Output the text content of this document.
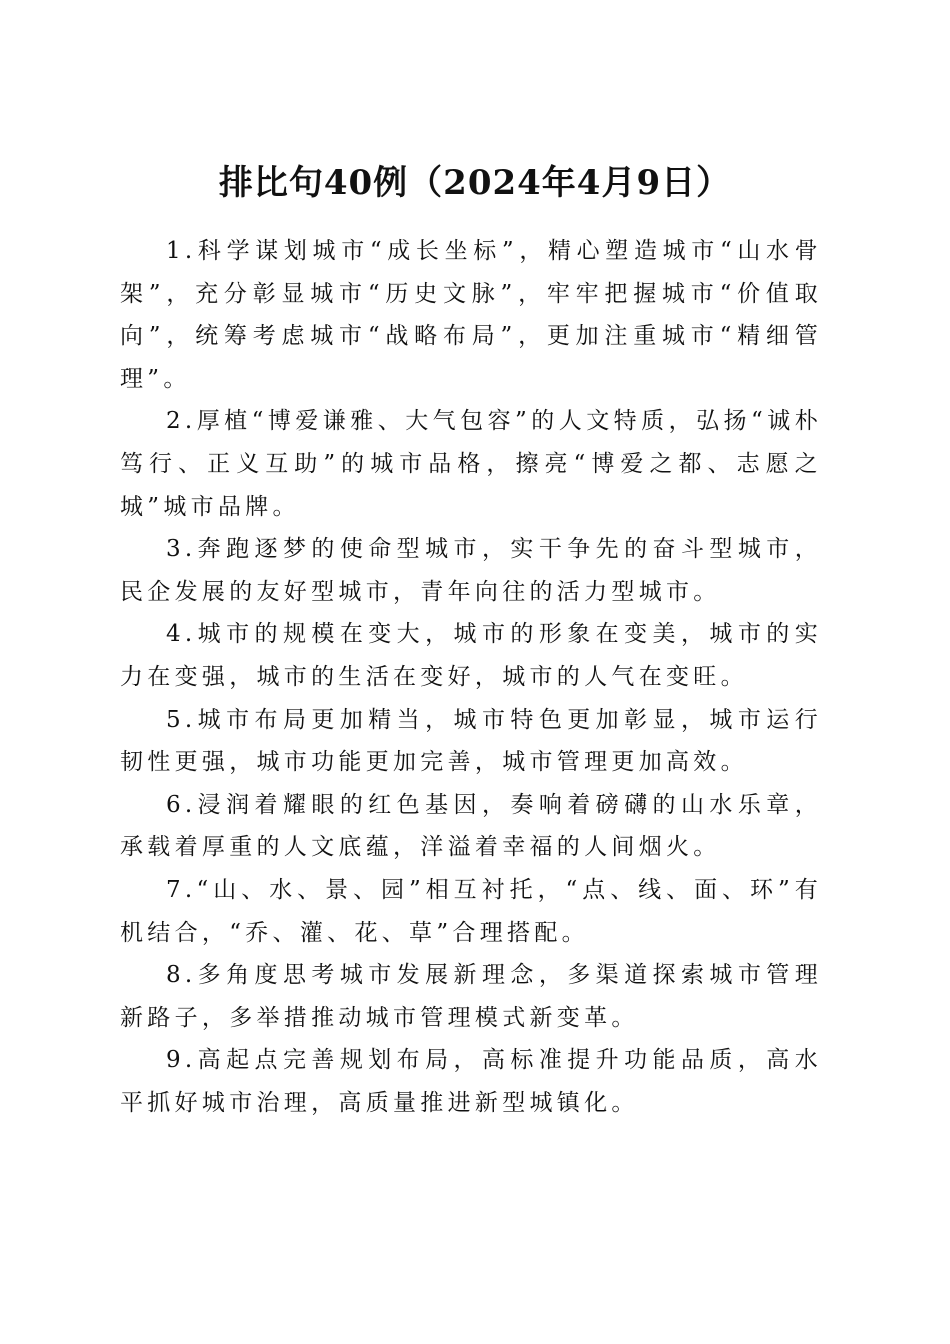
排比句40例（2024年4月9日）

1.科学谋划城市“成长坐标”，精心塑造城市“山水骨架”，充分彰显城市“历史文脉”，牢牢把握城市“价值取向”，统筹考虑城市“战略布局”，更加注重城市“精细管理”。

2.厚植“博爱谦雅、大气包容”的人文特质，弘扬“诚朴笃行、正义互助”的城市品格，擦亮“博爱之都、志愿之城”城市品牌。

3.奔跑逐梦的使命型城市，实干争先的奋斗型城市，民企发展的友好型城市，青年向往的活力型城市。

4.城市的规模在变大，城市的形象在变美，城市的实力在变强，城市的生活在变好，城市的人气在变旺。

5.城市布局更加精当，城市特色更加彰显，城市运行韧性更强，城市功能更加完善，城市管理更加高效。

6.浸润着耀眼的红色基因，奏响着磅礴的山水乐章，承载着厚重的人文底蕴，洋溢着幸福的人间烟火。

7.“山、水、景、园”相互衬托，“点、线、面、环”有机结合，“乔、灌、花、草”合理搭配。

8.多角度思考城市发展新理念，多渠道探索城市管理新路子，多举措推动城市管理模式新变革。

9.高起点完善规划布局，高标准提升功能品质，高水平抓好城市治理，高质量推进新型城镇化。
